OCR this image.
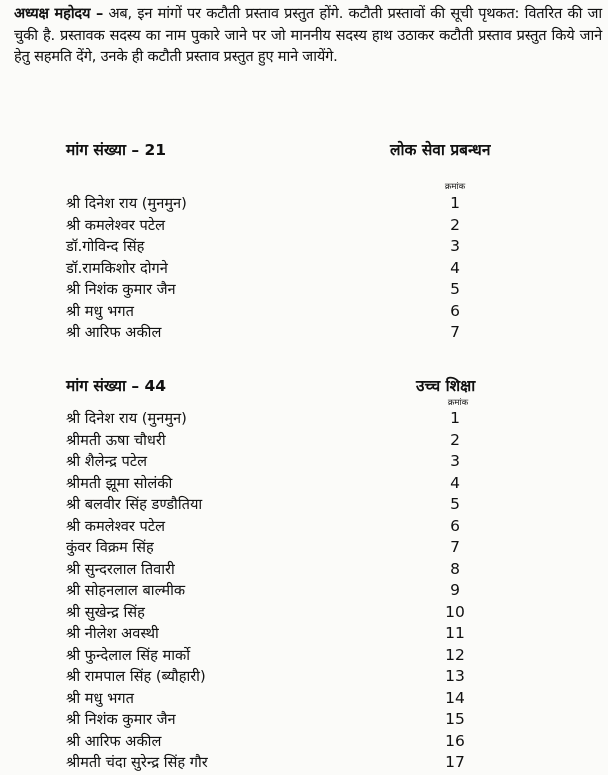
अध्यक्ष महोदय – अब, इन मांगों पर कटौती प्रस्ताव प्रस्तुत होंगे. कटौती प्रस्तावों की सूची पृथकत: वितरित की जा चुकी है. प्रस्तावक सदस्य का नाम पुकारे जाने पर जो माननीय सदस्य हाथ उठाकर कटौती प्रस्ताव प्रस्तुत किये जाने हेतु सहमति देंगे, उनके ही कटौती प्रस्ताव प्रस्तुत हुए माने जायेंगे.
मांग संख्या – 21	लोक सेवा प्रबन्धन
क्रमांक
श्री दिनेश राय (मुनमुन)	1
श्री कमलेश्वर पटेल	2
डॉ.गोविन्द सिंह	3
डॉ.रामकिशोर दोगने	4
श्री निशंक कुमार जैन	5
श्री मधु भगत	6
श्री आरिफ अकील	7
मांग संख्या – 44	उच्च शिक्षा
क्रमांक
श्री दिनेश राय (मुनमुन)	1
श्रीमती ऊषा चौधरी	2
श्री शैलेन्द्र पटेल	3
श्रीमती झूमा सोलंकी	4
श्री बलवीर सिंह डण्डौतिया	5
श्री कमलेश्वर पटेल	6
कुंवर विक्रम सिंह	7
श्री सुन्दरलाल तिवारी	8
श्री सोहनलाल बाल्मीक	9
श्री सुखेन्द्र सिंह	10
श्री नीलेश अवस्थी	11
श्री फुन्देलाल सिंह मार्को	12
श्री रामपाल सिंह (ब्यौहारी)	13
श्री मधु भगत	14
श्री निशंक कुमार जैन	15
श्री आरिफ अकील	16
श्रीमती चंदा सुरेन्द्र सिंह गौर	17
